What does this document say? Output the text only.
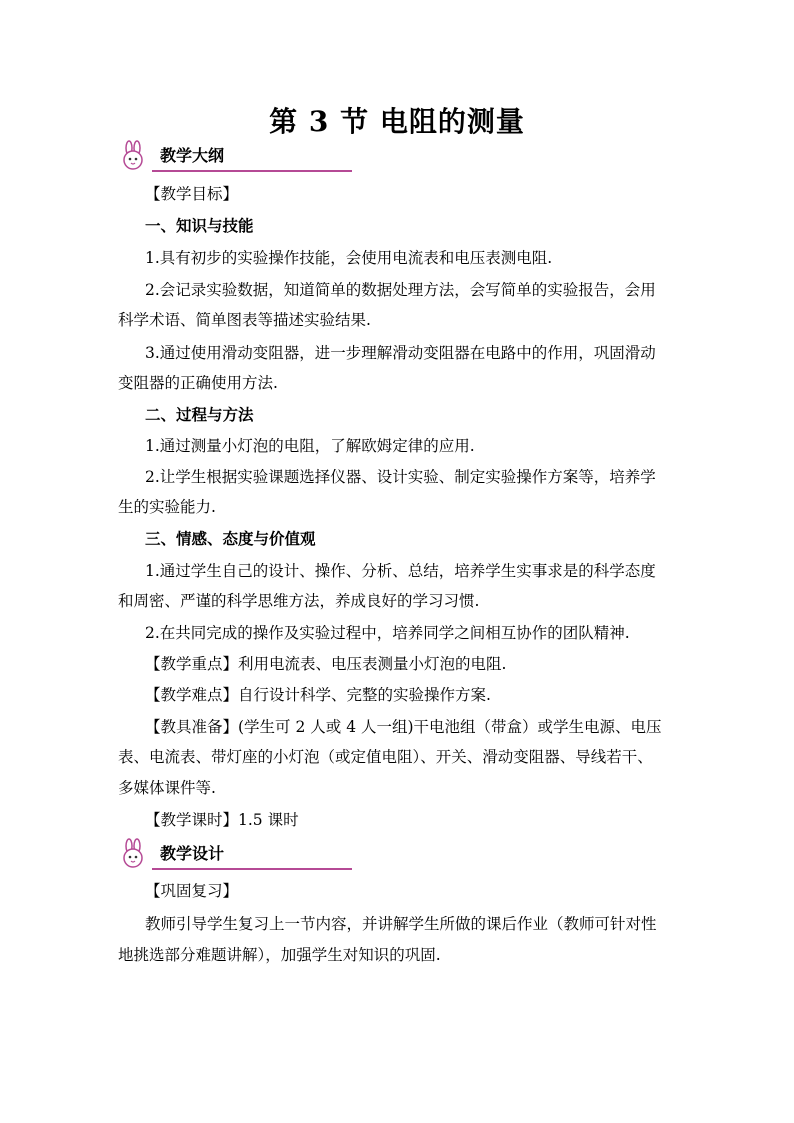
第 3 节 电阻的测量
教学大纲
【教学目标】
一、知识与技能
1.具有初步的实验操作技能，会使用电流表和电压表测电阻.
2.会记录实验数据，知道简单的数据处理方法，会写简单的实验报告，会用
科学术语、简单图表等描述实验结果.
3.通过使用滑动变阻器，进一步理解滑动变阻器在电路中的作用，巩固滑动
变阻器的正确使用方法.
二、过程与方法
1.通过测量小灯泡的电阻，了解欧姆定律的应用.
2.让学生根据实验课题选择仪器、设计实验、制定实验操作方案等，培养学
生的实验能力.
三、情感、态度与价值观
1.通过学生自己的设计、操作、分析、总结，培养学生实事求是的科学态度
和周密、严谨的科学思维方法，养成良好的学习习惯.
2.在共同完成的操作及实验过程中，培养同学之间相互协作的团队精神.
【教学重点】利用电流表、电压表测量小灯泡的电阻.
【教学难点】自行设计科学、完整的实验操作方案.
【教具准备】(学生可 2 人或 4 人一组)干电池组（带盒）或学生电源、电压
表、电流表、带灯座的小灯泡（或定值电阻）、开关、滑动变阻器、导线若干、
多媒体课件等.
【教学课时】1.5 课时
教学设计
【巩固复习】
教师引导学生复习上一节内容，并讲解学生所做的课后作业（教师可针对性
地挑选部分难题讲解），加强学生对知识的巩固.
